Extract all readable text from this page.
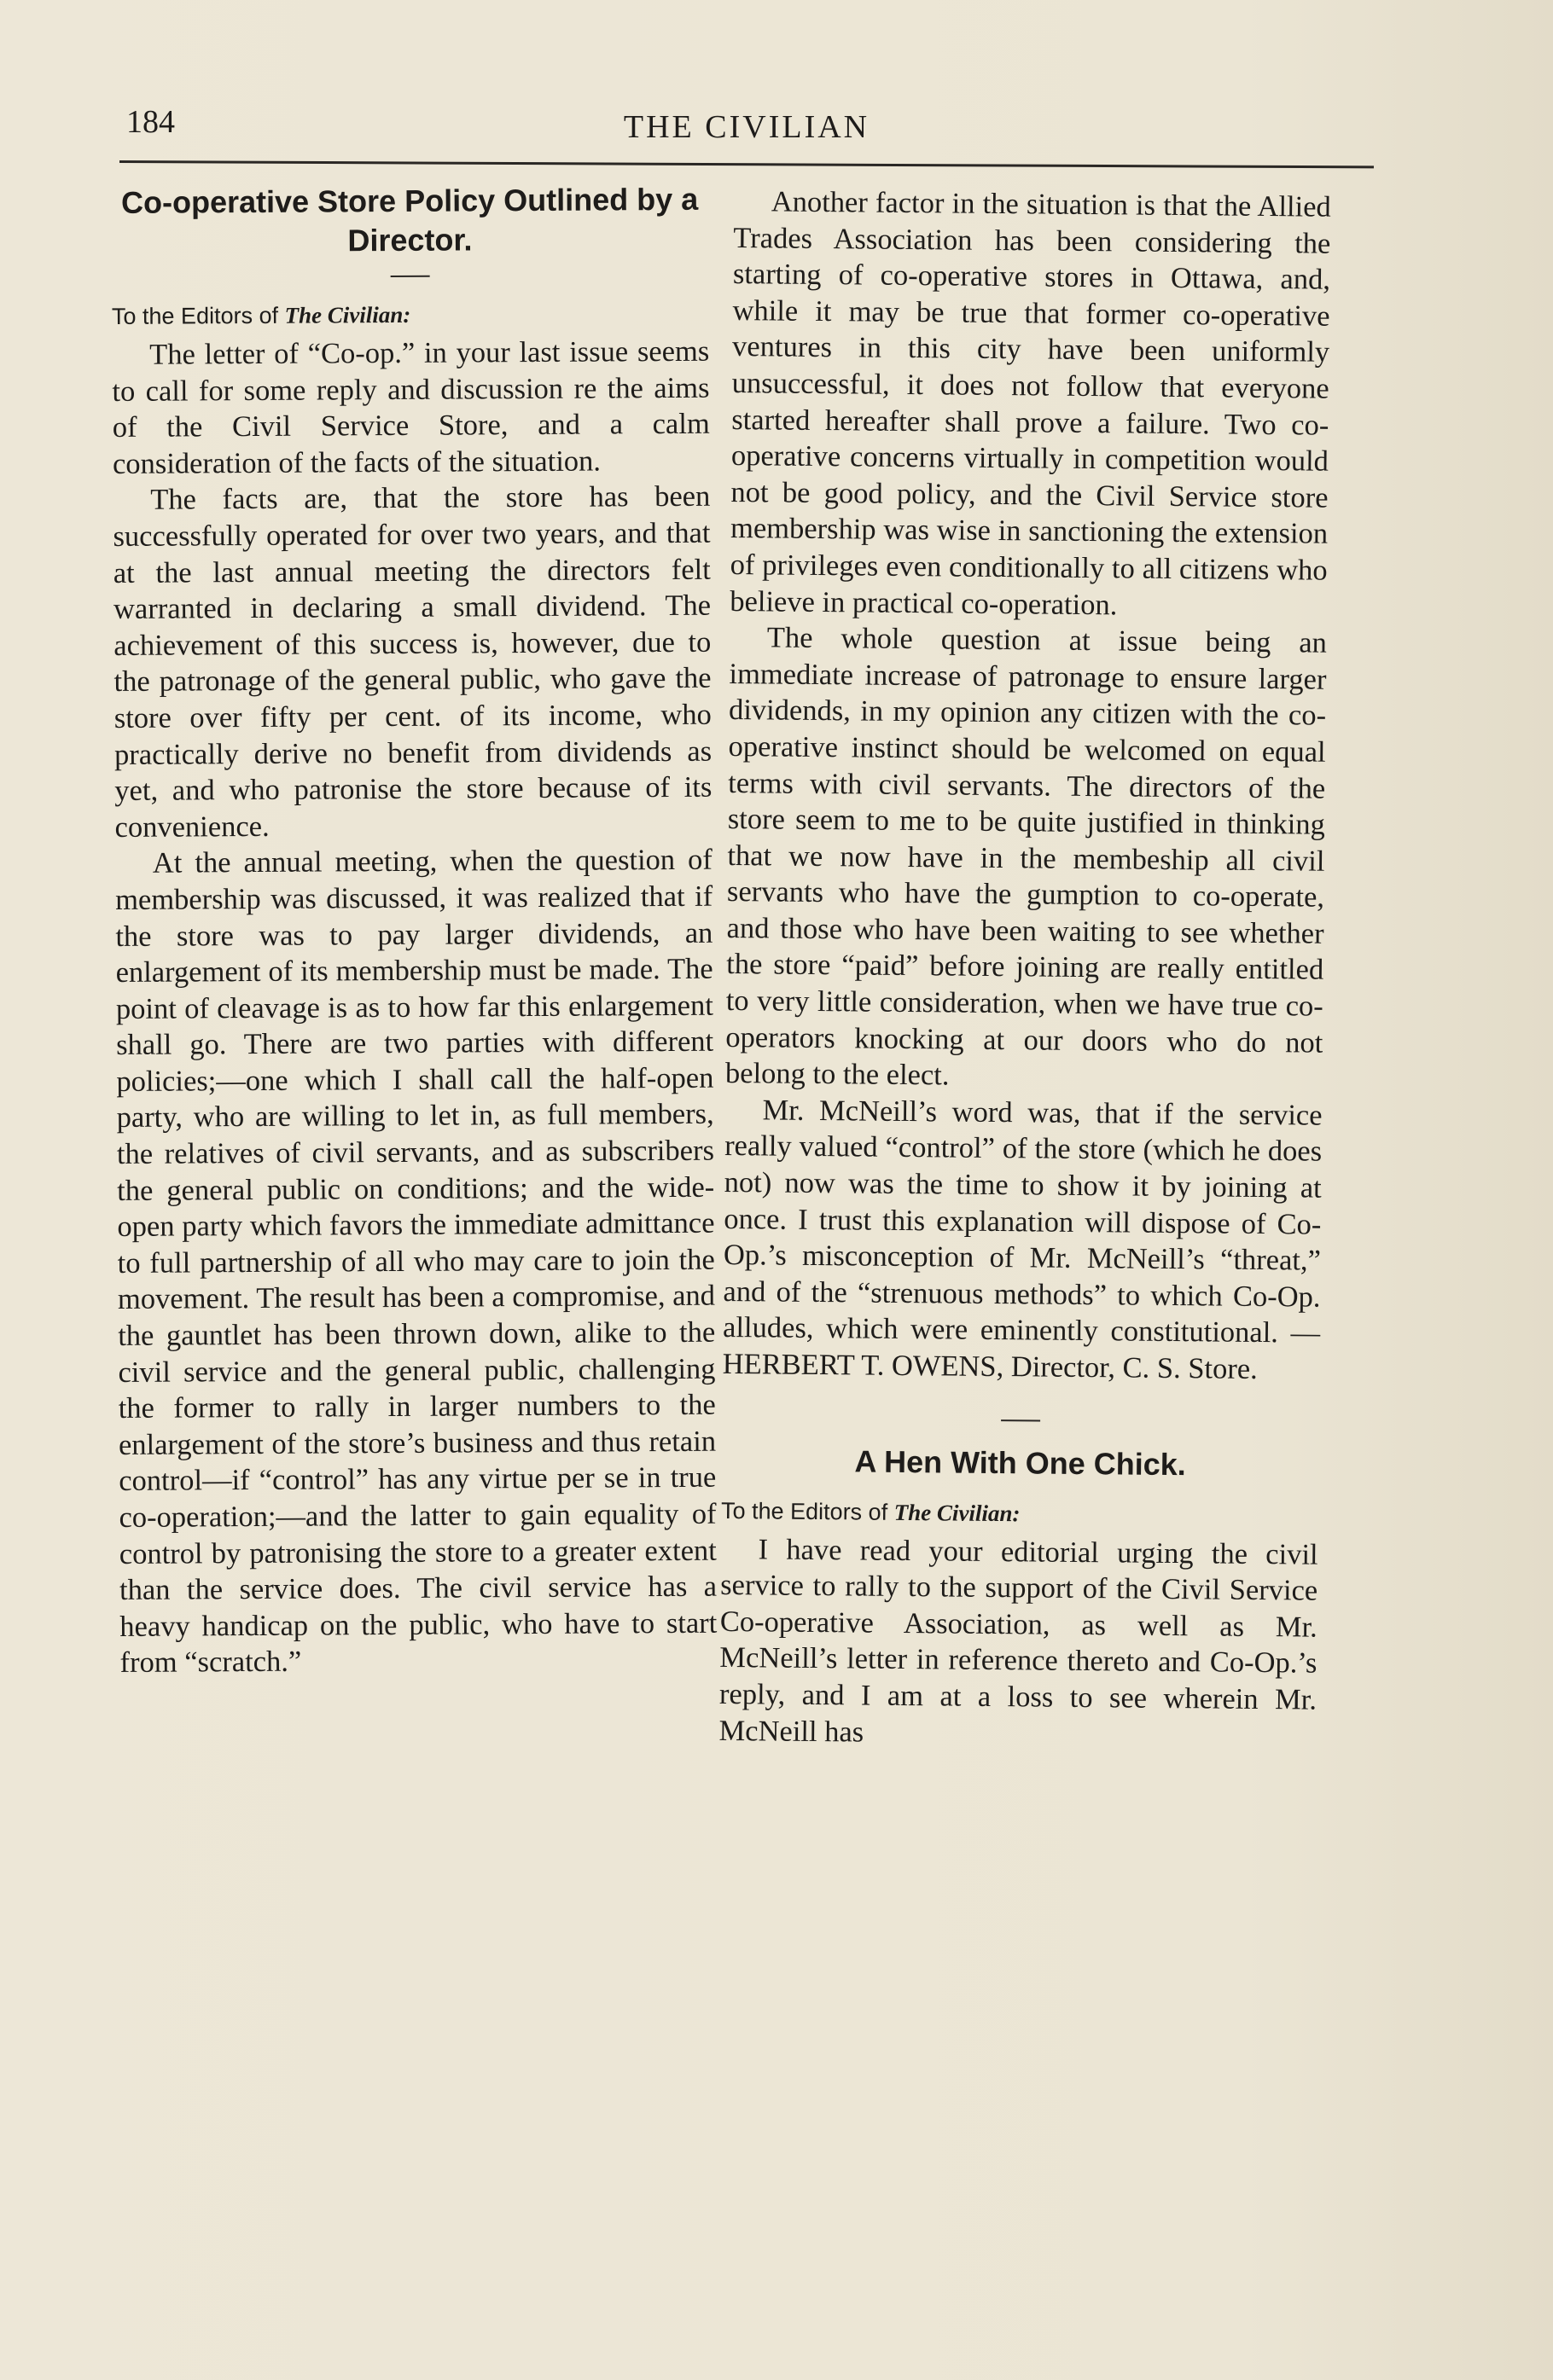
184	THE CIVILIAN
Co-operative Store Policy Outlined by a Director.
To the Editors of The Civilian:

The letter of “Co-op.” in your last issue seems to call for some reply and discussion re the aims of the Civil Service Store, and a calm consideration of the facts of the situation.

The facts are, that the store has been successfully operated for over two years, and that at the last annual meeting the directors felt warranted in declaring a small dividend. The achievement of this success is, however, due to the patronage of the general public, who gave the store over fifty per cent. of its income, who practically derive no benefit from dividends as yet, and who patronise the store because of its convenience.

At the annual meeting, when the question of membership was discussed, it was realized that if the store was to pay larger dividends, an enlargement of its membership must be made. The point of cleavage is as to how far this enlargement shall go. There are two parties with different policies;—one which I shall call the half-open party, who are willing to let in, as full members, the relatives of civil servants, and as subscribers the general public on conditions; and the wide-open party which favors the immediate admittance to full partnership of all who may care to join the movement. The result has been a compromise, and the gauntlet has been thrown down, alike to the civil service and the general public, challenging the former to rally in larger numbers to the enlargement of the store’s business and thus retain control—if “control” has any virtue per se in true co-operation;—and the latter to gain equality of control by patronising the store to a greater extent than the service does. The civil service has a heavy handicap on the public, who have to start from “scratch.”

Another factor in the situation is that the Allied Trades Association has been considering the starting of co-operative stores in Ottawa, and, while it may be true that former co-operative ventures in this city have been uniformly unsuccessful, it does not follow that everyone started hereafter shall prove a failure. Two co-operative concerns virtually in competition would not be good policy, and the Civil Service store membership was wise in sanctioning the extension of privileges even conditionally to all citizens who believe in practical co-operation.

The whole question at issue being an immediate increase of patronage to ensure larger dividends, in my opinion any citizen with the co-operative instinct should be welcomed on equal terms with civil servants. The directors of the store seem to me to be quite justified in thinking that we now have in the membeship all civil servants who have the gumption to co-operate, and those who have been waiting to see whether the store “paid” before joining are really entitled to very little consideration, when we have true co-operators knocking at our doors who do not belong to the elect.

Mr. McNeill’s word was, that if the service really valued “control” of the store (which he does not) now was the time to show it by joining at once. I trust this explanation will dispose of Co-Op.’s misconception of Mr. McNeill’s “threat,” and of the “strenuous methods” to which Co-Op. alludes, which were eminently constitutional. — HERBERT T. OWENS, Director, C. S. Store.

A Hen With One Chick.
To the Editors of The Civilian:

I have read your editorial urging the civil service to rally to the support of the Civil Service Co-operative Association, as well as Mr. McNeill’s letter in reference thereto and Co-Op.’s reply, and I am at a loss to see wherein Mr. McNeill has
